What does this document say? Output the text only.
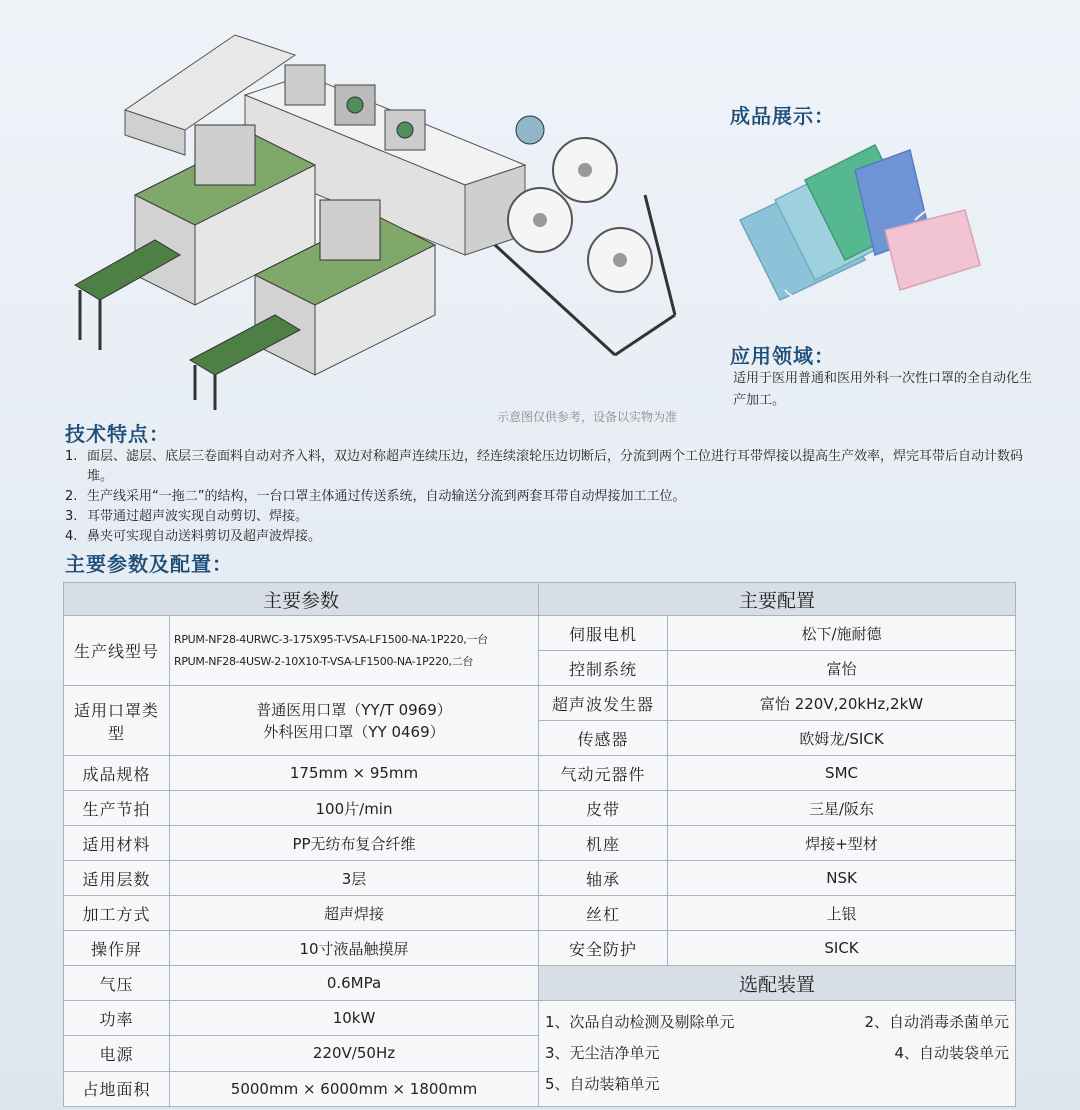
示意图仅供参考，设备以实物为准
成品展示：
应用领域：
适用于医用普通和医用外科一次性口罩的全自动化生产加工。
技术特点：
1. 面层、滤层、底层三卷面料自动对齐入料，双边对称超声连续压边，经连续滚轮压边切断后，分流到两个工位进行耳带焊接以提高生产效率，焊完耳带后自动计数码堆。
2. 生产线采用“一拖二”的结构，一台口罩主体通过传送系统，自动输送分流到两套耳带自动焊接加工工位。
3. 耳带通过超声波实现自动剪切、焊接。
4. 鼻夹可实现自动送料剪切及超声波焊接。
主要参数及配置：
主要参数		主要配置	
生产线型号	RPUM-NF28-4URWC-3-175X95-T-VSA-LF1500-NA-1P220,一台
RPUM-NF28-4USW-2-10X10-T-VSA-LF1500-NA-1P220,二台	伺服电机	松下/施耐德
		控制系统	富怡
适用口罩类型	普通医用口罩（YY/T 0969）
外科医用口罩（YY 0469）	超声波发生器	富怡 220V,20kHz,2kW
		传感器	欧姆龙/SICK
成品规格	175mm × 95mm	气动元器件	SMC
生产节拍	100片/min	皮带	三星/阪东
适用材料	PP无纺布复合纤维	机座	焊接+型材
适用层数	3层	轴承	NSK
加工方式	超声焊接	丝杠	上银
操作屏	10寸液晶触摸屏	安全防护	SICK
气压	0.6MPa	选配装置	
功率	10kW	1、次品自动检测及剔除单元 2、自动消毒杀菌单元
3、无尘洁净单元 4、自动装袋单元
5、自动装箱单元	

电源	220V/50Hz		
占地面积	5000mm × 6000mm × 1800mm		
